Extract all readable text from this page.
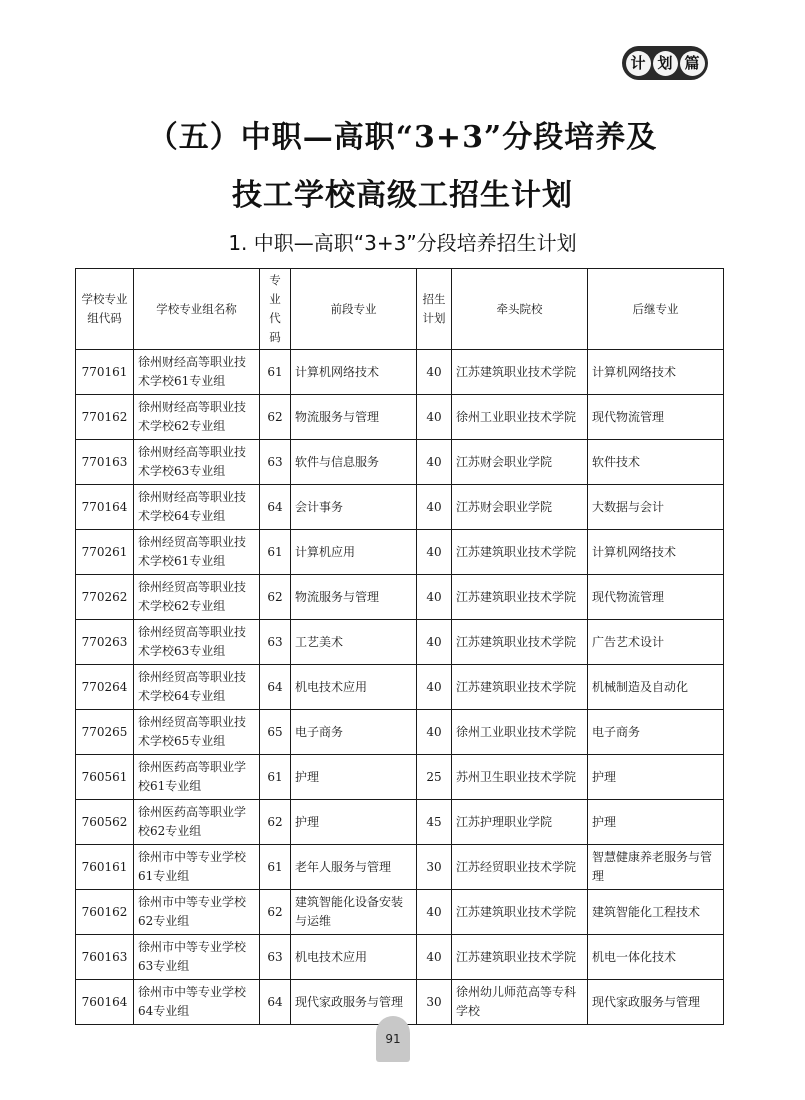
计 划 篇
（五）中职—高职“3+3”分段培养及
技工学校高级工招生计划
1. 中职—高职“3+3”分段培养招生计划
学校专业组代码	学校专业组名称	专业代码	前段专业	招生计划	牵头院校	后继专业
770161	徐州财经高等职业技术学校61专业组	61	计算机网络技术	40	江苏建筑职业技术学院	计算机网络技术
770162	徐州财经高等职业技术学校62专业组	62	物流服务与管理	40	徐州工业职业技术学院	现代物流管理
770163	徐州财经高等职业技术学校63专业组	63	软件与信息服务	40	江苏财会职业学院	软件技术
770164	徐州财经高等职业技术学校64专业组	64	会计事务	40	江苏财会职业学院	大数据与会计
770261	徐州经贸高等职业技术学校61专业组	61	计算机应用	40	江苏建筑职业技术学院	计算机网络技术
770262	徐州经贸高等职业技术学校62专业组	62	物流服务与管理	40	江苏建筑职业技术学院	现代物流管理
770263	徐州经贸高等职业技术学校63专业组	63	工艺美术	40	江苏建筑职业技术学院	广告艺术设计
770264	徐州经贸高等职业技术学校64专业组	64	机电技术应用	40	江苏建筑职业技术学院	机械制造及自动化
770265	徐州经贸高等职业技术学校65专业组	65	电子商务	40	徐州工业职业技术学院	电子商务
760561	徐州医药高等职业学校61专业组	61	护理	25	苏州卫生职业技术学院	护理
760562	徐州医药高等职业学校62专业组	62	护理	45	江苏护理职业学院	护理
760161	徐州市中等专业学校61专业组	61	老年人服务与管理	30	江苏经贸职业技术学院	智慧健康养老服务与管理
760162	徐州市中等专业学校62专业组	62	建筑智能化设备安装与运维	40	江苏建筑职业技术学院	建筑智能化工程技术
760163	徐州市中等专业学校63专业组	63	机电技术应用	40	江苏建筑职业技术学院	机电一体化技术
760164	徐州市中等专业学校64专业组	64	现代家政服务与管理	30	徐州幼儿师范高等专科学校	现代家政服务与管理
91
